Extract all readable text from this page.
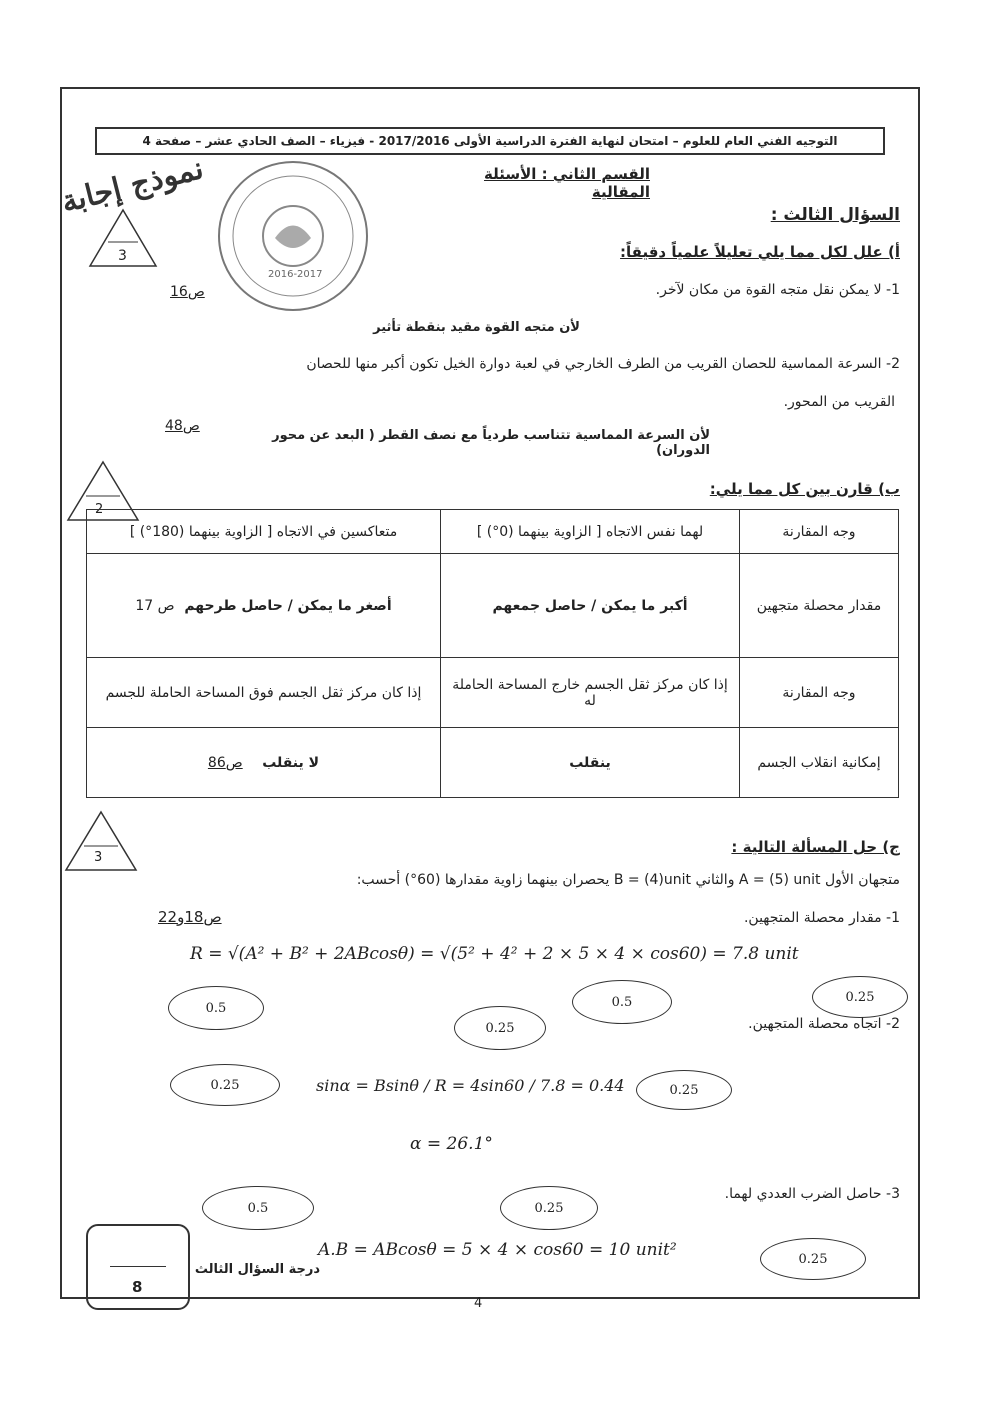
التوجيه الفني العام للعلوم – امتحان لنهاية الفترة الدراسية الأولى 2017/2016 - فيزياء – الصف الحادي عشر – صفحة 4
القسم الثاني : الأسئلة المقالية
نموذج إجابة
2016-2017
السؤال الثالث :
3	أ) علل لكل مما يلي تعليلاً علمياً دقيقاً:
1- لا يمكن نقل متجه القوة من مكان لآخر.
ص16
لأن متجه القوة مقيد بنقطة تأثير
2- السرعة المماسية للحصان القريب من الطرف الخارجي في لعبة دوارة الخيل تكون أكبر منها للحصان
القريب من المحور.
ص48
لأن السرعة المماسية تتناسب طردياً مع نصف القطر ( البعد عن محور الدوران)
2
ب) قارن بين كل مما يلي:
وجه المقارنة	لهما نفس الاتجاه [ الزاوية بينهما (0°) ]	متعاكسين في الاتجاه [ الزاوية بينهما (180°) ]
مقدار محصلة متجهين	أكبر ما يمكن / حاصل جمعهم	أصغر ما يمكن / حاصل طرحهم  ص 17
وجه المقارنة	إذا كان مركز ثقل الجسم خارج المساحة الحاملة له	إذا كان مركز ثقل الجسم فوق المساحة الحاملة للجسم
إمكانية انقلاب الجسم	ينقلب	لا ينقلب    ص86
3
ج) حل المسألة التالية :
متجهان الأول A = (5) unit والثاني B = (4)unit يحصران بينهما زاوية مقدارها (60°) أحسب:
ص18و22	1- مقدار محصلة المتجهين.
R = √(A² + B² + 2ABcosθ) = √(5² + 4² + 2 × 5 × 4 × cos60) = 7.8 unit
0.5	0.5	0.25
0.25	2- اتجاه محصلة المتجهين.
0.25	sinα = Bsinθ / R = 4sin60 / 7.8 = 0.44	0.25
α = 26.1°
3- حاصل الضرب العددي لهما.
0.5	0.25
A.B = ABcosθ = 5 × 4 × cos60 = 10 unit²	0.25
8
درجة السؤال الثالث
4
